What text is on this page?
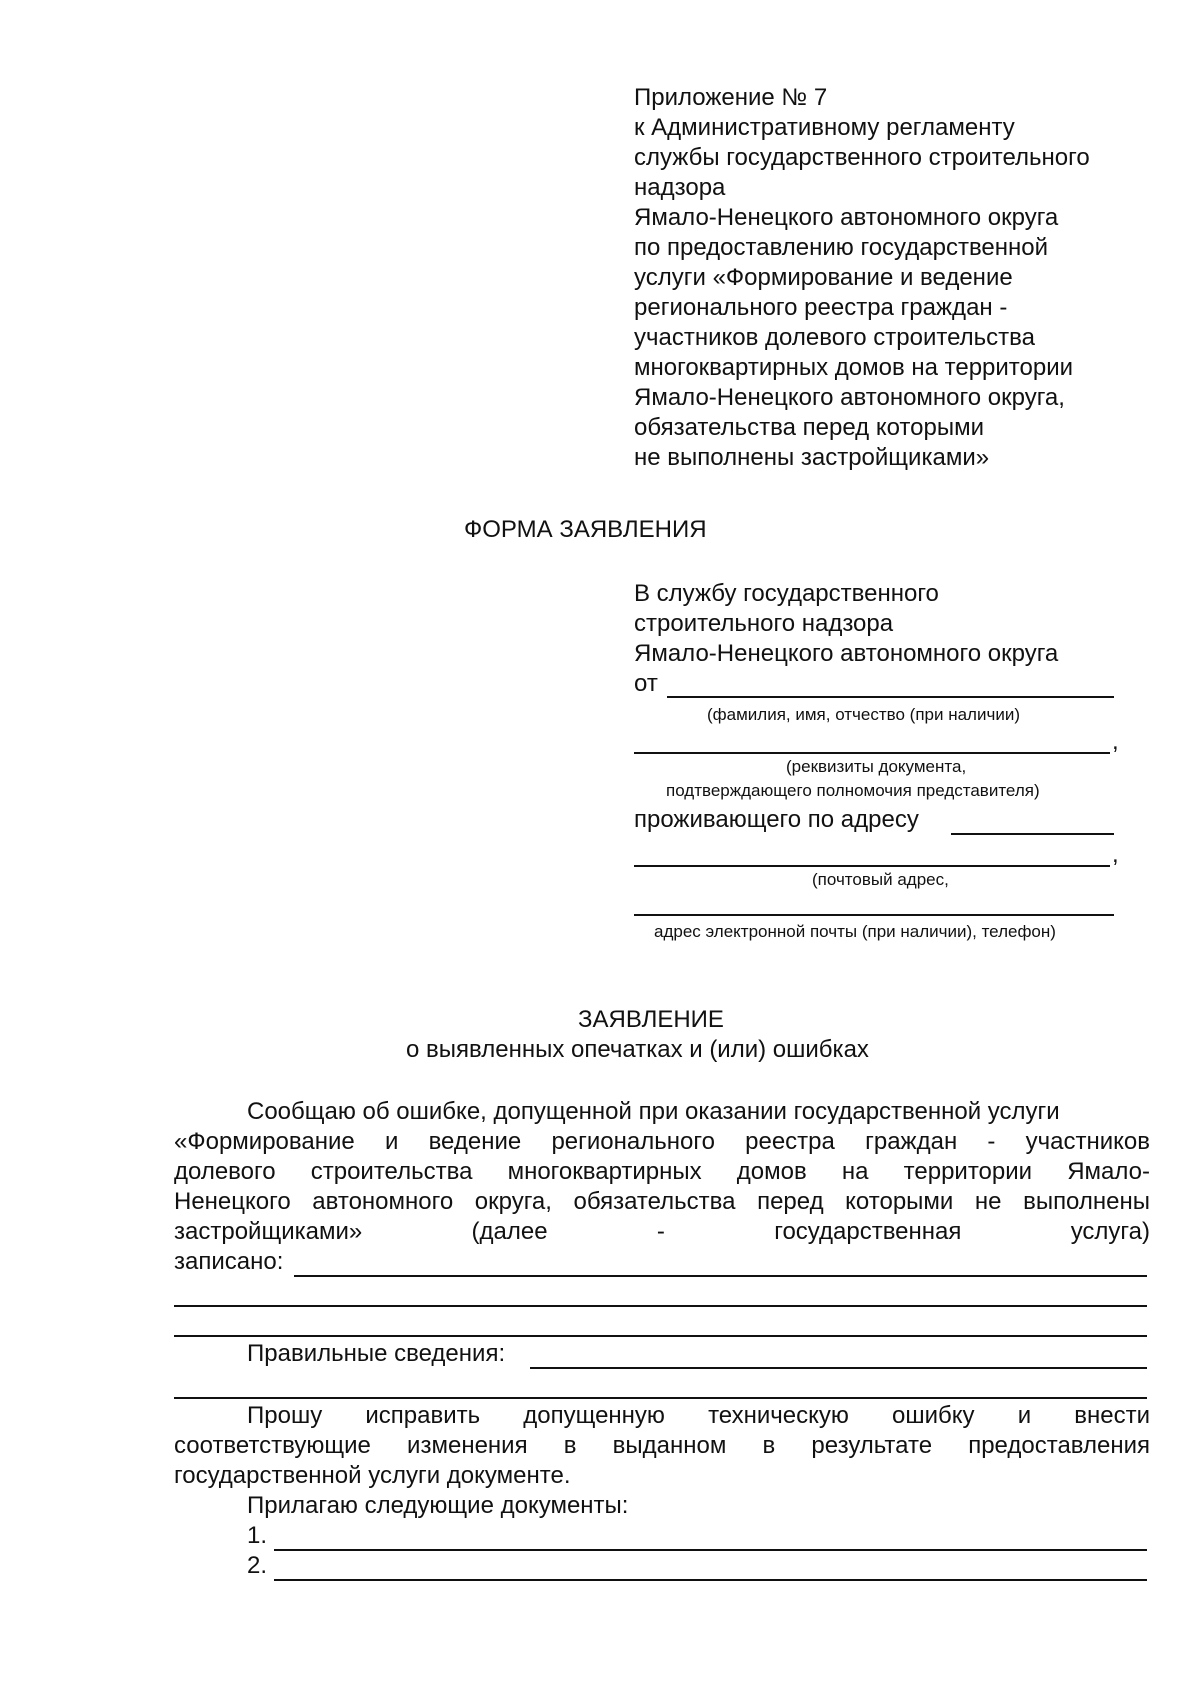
Приложение № 7
к Административному регламенту
службы государственного строительного
надзора
Ямало-Ненецкого автономного округа
по предоставлению государственной
услуги «Формирование и ведение
регионального реестра граждан -
участников долевого строительства
многоквартирных домов на территории
Ямало-Ненецкого автономного округа,
обязательства перед которыми
не выполнены застройщиками»
ФОРМА ЗАЯВЛЕНИЯ
В службу государственного
строительного надзора
Ямало-Ненецкого автономного округа
от
(фамилия, имя, отчество (при наличии)
,
(реквизиты документа,
подтверждающего полномочия представителя)
проживающего по адресу
,
(почтовый адрес,
адрес электронной почты (при наличии), телефон)
ЗАЯВЛЕНИЕ
о выявленных опечатках и (или) ошибках
Сообщаю об ошибке, допущенной при оказании государственной услуги
«Формирование и ведение регионального реестра граждан - участников
долевого строительства многоквартирных домов на территории Ямало-
Ненецкого автономного округа, обязательства перед которыми не выполнены
застройщиками»	(далее	-	государственная	услуга)
записано:
Правильные сведения:
Прошу исправить допущенную техническую ошибку и внести
соответствующие изменения в выданном в результате предоставления
государственной услуги документе.
Прилагаю следующие документы:
1.
2.
